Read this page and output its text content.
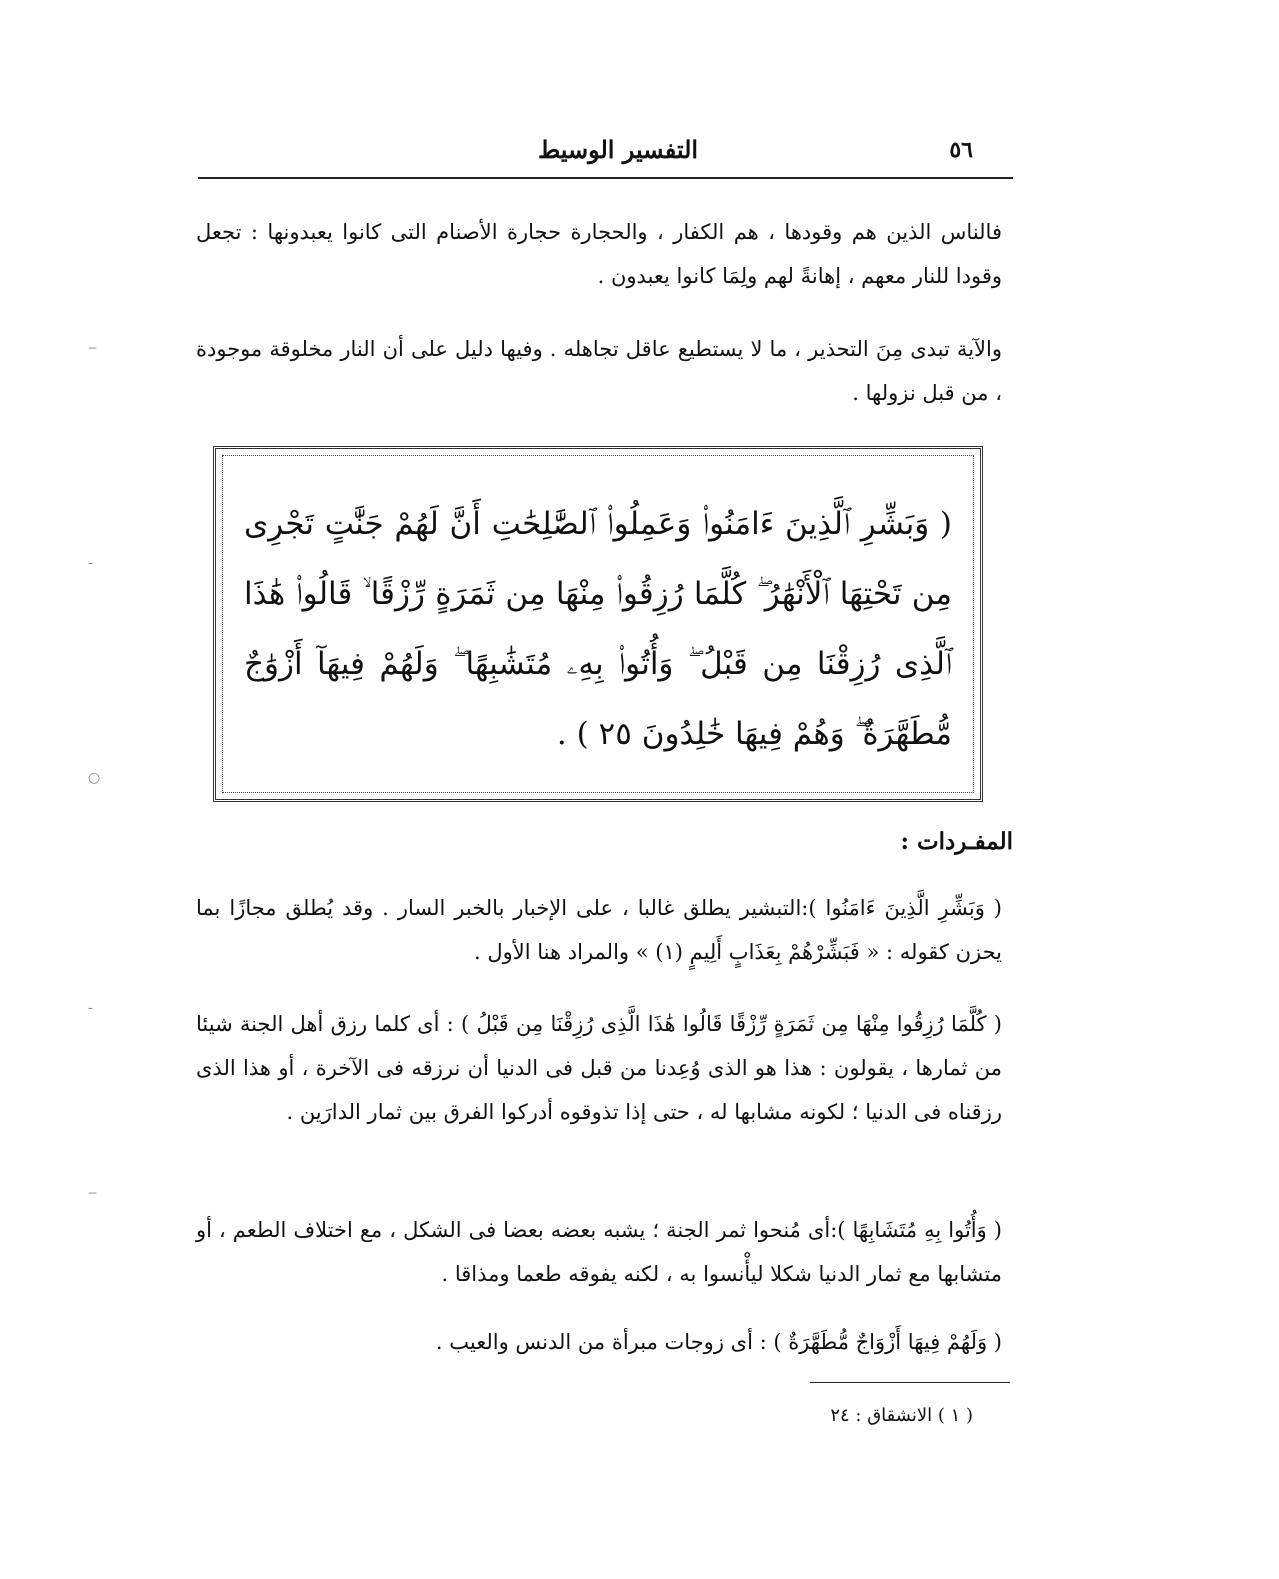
التفسير الوسيط	٥٦
فالناس الذين هم وقودها ، هم الكفار ، والحجارة حجارة الأصنام التى كانوا يعبدونها : تجعل وقودا للنار معهم ، إهانةً لهم ولِمَا كانوا يعبدون .
والآية تبدى مِنَ التحذير ، ما لا يستطيع عاقل تجاهله . وفيها دليل على أن النار مخلوقة موجودة ، من قبل نزولها .
( وَبَشِّرِ ٱلَّذِينَ ءَامَنُوا۟ وَعَمِلُوا۟ ٱلصَّٰلِحَٰتِ أَنَّ لَهُمْ جَنَّٰتٍ تَجْرِى مِن تَحْتِهَا ٱلْأَنْهَٰرُ ۖ كُلَّمَا رُزِقُوا۟ مِنْهَا مِن ثَمَرَةٍ رِّزْقًا ۙ قَالُوا۟ هَٰذَا ٱلَّذِى رُزِقْنَا مِن قَبْلُ ۖ وَأُتُوا۟ بِهِۦ مُتَشَٰبِهًا ۖ وَلَهُمْ فِيهَآ أَزْوَٰجٌ مُّطَهَّرَةٌ ۖ وَهُمْ فِيهَا خَٰلِدُونَ ٢٥ ) .
المفـردات :
( وَبَشِّرِ الَّذِينَ ءَامَنُوا ):التبشير يطلق غالبا ، على الإخبار بالخبر السار . وقد يُطلق مجازًا بما يحزن كقوله : « فَبَشِّرْهُمْ بِعَذَابٍ أَلِيمٍ (١) » والمراد هنا الأول .
( كُلَّمَا رُزِقُوا مِنْهَا مِن ثَمَرَةٍ رِّزْقًا قَالُوا هَٰذَا الَّذِى رُزِقْنَا مِن قَبْلُ ) : أى كلما رزق أهل الجنة شيئا من ثمارها ، يقولون : هذا هو الذى وُعِدنا من قبل فى الدنيا أن نرزقه فى الآخرة ، أو هذا الذى رزقناه فى الدنيا ؛ لكونه مشابها له ، حتى إذا تذوقوه أدركوا الفرق بين ثمار الدارَين .
( وَأُتُوا بِهِ مُتَشَابِهًا ):أى مُنحوا ثمر الجنة ؛ يشبه بعضه بعضا فى الشكل ، مع اختلاف الطعم ، أو متشابها مع ثمار الدنيا شكلا ليأْنسوا به ، لكنه يفوقه طعما ومذاقا .
( وَلَهُمْ فِيهَا أَزْوَاجٌ مُّطَهَّرَةٌ ) : أى زوجات مبرأة من الدنس والعيب .
( ١ ) الانشقاق : ٢٤
‒
-
○
-
‒
